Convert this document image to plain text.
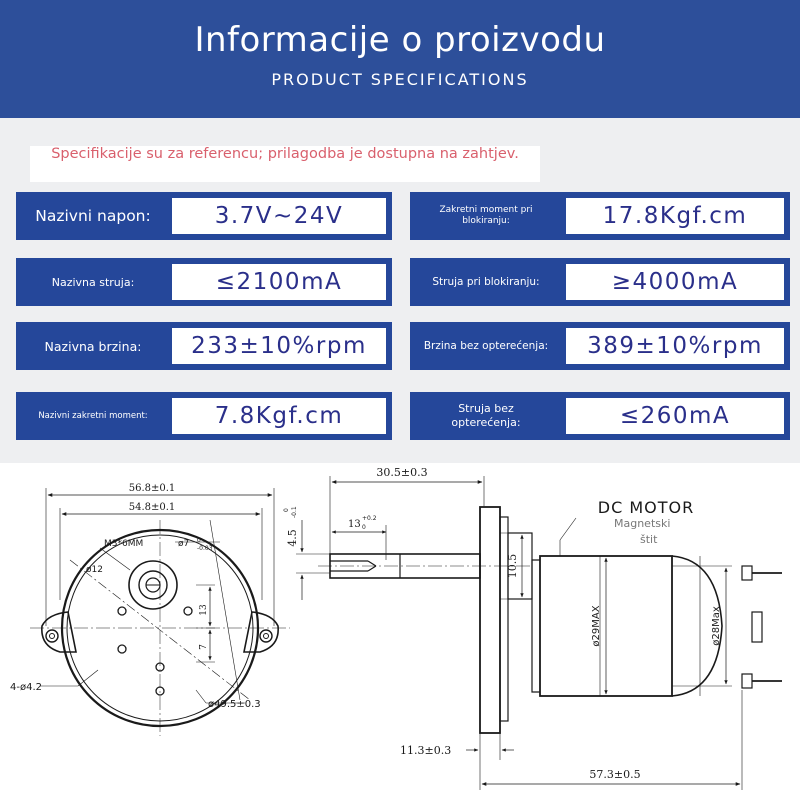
Informacije o proizvodu
PRODUCT SPECIFICATIONS
Specifikacije su za referencu; prilagodba je dostupna na zahtjev.
Nazivni napon:	3.7V~24V	Zakretni moment pri blokiranju:	17.8Kgf.cm
Nazivna struja:	≤2100mA	Struja pri blokiranju:	≥4000mA
Nazivna brzina:	233±10%rpm	Brzina bez opterećenja:	389±10%rpm
Nazivni zakretni moment:	7.8Kgf.cm	Struja bez opterećenja:	≤260mA
56.8±0.1
54.8±0.1
M3*6MM	ø7 0
-0.03
ø12
13
7
4-ø4.2
ø49.5±0.3
30.5±0.3
13
+0.2
0
4.5
0 -0.1
10.5
DC MOTOR
Magnetski
štit
ø29MAX	ø28Max
11.3±0.3
57.3±0.5
